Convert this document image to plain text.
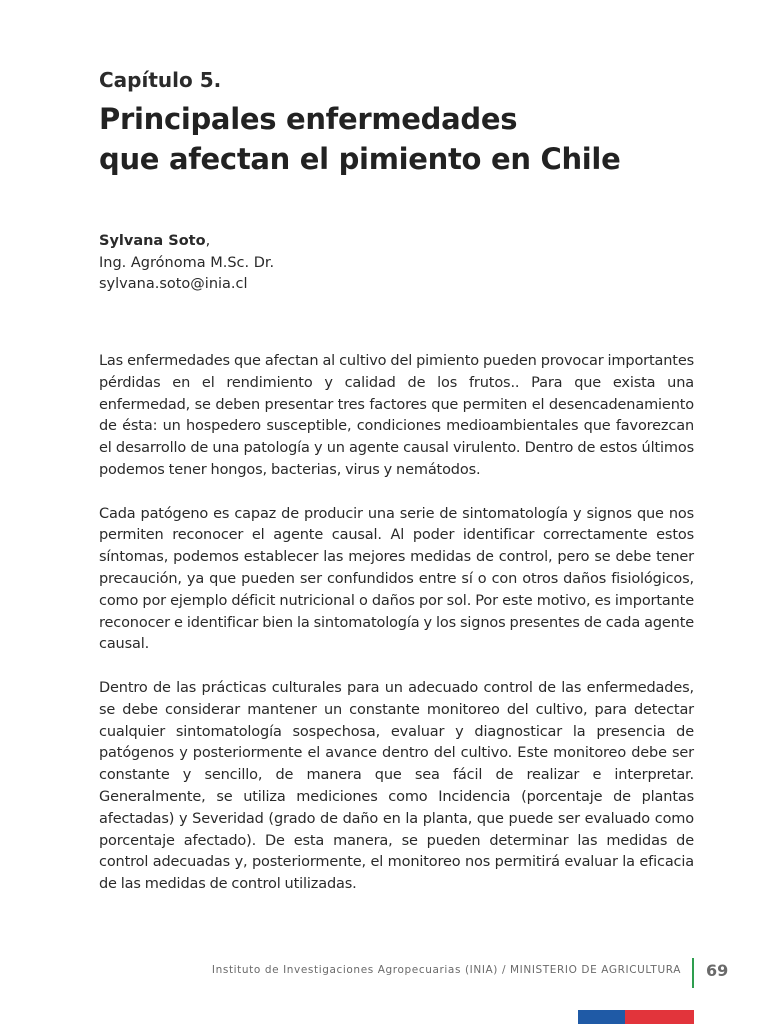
Capítulo 5.
Principales enfermedades
que afectan el pimiento en Chile
Sylvana Soto,
Ing. Agrónoma M.Sc. Dr.
sylvana.soto@inia.cl

Las enfermedades que afectan al cultivo del pimiento pueden provocar importantes pérdidas en el rendimiento y calidad de los frutos.. Para que exista una enfermedad, se deben presentar tres factores que permiten el desencadenamiento de ésta: un hospedero susceptible, condiciones medioambientales que favorezcan el desarrollo de una patología y un agente causal virulento. Dentro de estos últimos podemos tener hongos, bacterias, virus y nemátodos.

Cada patógeno es capaz de producir una serie de sintomatología y signos que nos permiten reconocer el agente causal. Al poder identificar correctamente estos síntomas, podemos establecer las mejores medidas de control, pero se debe tener precaución, ya que pueden ser confundidos entre sí o con otros daños fisiológicos, como por ejemplo déficit nutricional o daños por sol. Por este motivo, es importante reconocer e identificar bien la sintomatología y los signos presentes de cada agente causal.

Dentro de las prácticas culturales para un adecuado control de las enfermedades, se debe considerar mantener un constante monitoreo del cultivo, para detectar cualquier sintomatología sospechosa, evaluar y diagnosticar la presencia de patógenos y posteriormente el avance dentro del cultivo. Este monitoreo debe ser constante y sencillo, de manera que sea fácil de realizar e interpretar. Generalmente, se utiliza mediciones como Incidencia (porcentaje de plantas afectadas) y Severidad (grado de daño en la planta, que puede ser evaluado como porcentaje afectado). De esta manera, se pueden determinar las medidas de control adecuadas y, posteriormente, el monitoreo nos permitirá evaluar la eficacia de las medidas de control utilizadas.

Instituto de Investigaciones Agropecuarias (INIA) / MINISTERIO DE AGRICULTURA 69
